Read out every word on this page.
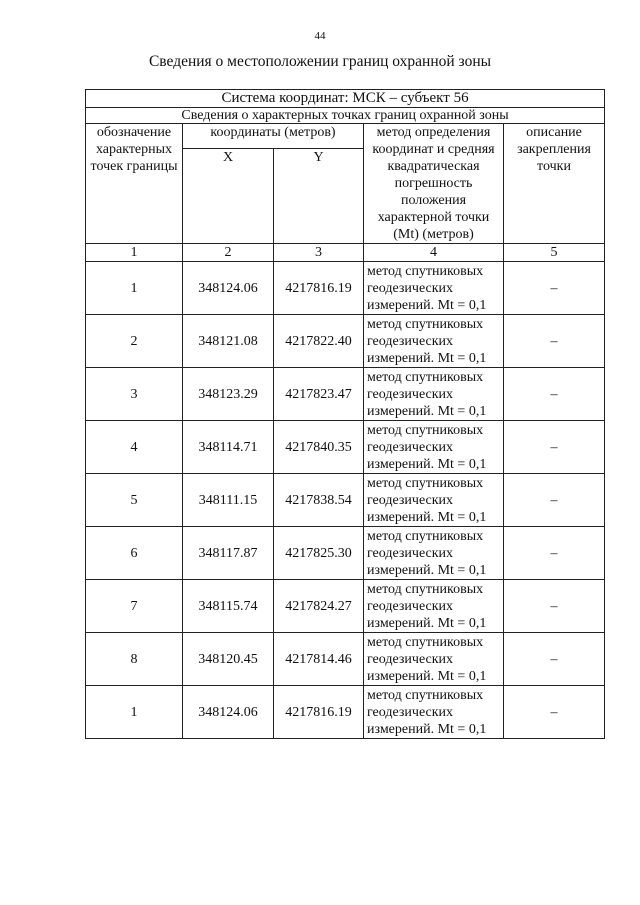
44
Сведения о местоположении границ охранной зоны
Система координат: МСК – субъект 56				
Сведения о характерных точках границ охранной зоны				
обозначение характерных точек границы	координаты (метров)		метод определения координат и средняя квадратическая погрешность положения характерной точки (Mt) (метров)	описание закрепления точки
	X	Y		
1	2	3	4	5
1	348124.06	4217816.19	метод спутниковых геодезических измерений. Mt = 0,1	–
2	348121.08	4217822.40	метод спутниковых геодезических измерений. Mt = 0,1	–
3	348123.29	4217823.47	метод спутниковых геодезических измерений. Mt = 0,1	–
4	348114.71	4217840.35	метод спутниковых геодезических измерений. Mt = 0,1	–
5	348111.15	4217838.54	метод спутниковых геодезических измерений. Mt = 0,1	–
6	348117.87	4217825.30	метод спутниковых геодезических измерений. Mt = 0,1	–
7	348115.74	4217824.27	метод спутниковых геодезических измерений. Mt = 0,1	–
8	348120.45	4217814.46	метод спутниковых геодезических измерений. Mt = 0,1	–
1	348124.06	4217816.19	метод спутниковых геодезических измерений. Mt = 0,1	–
